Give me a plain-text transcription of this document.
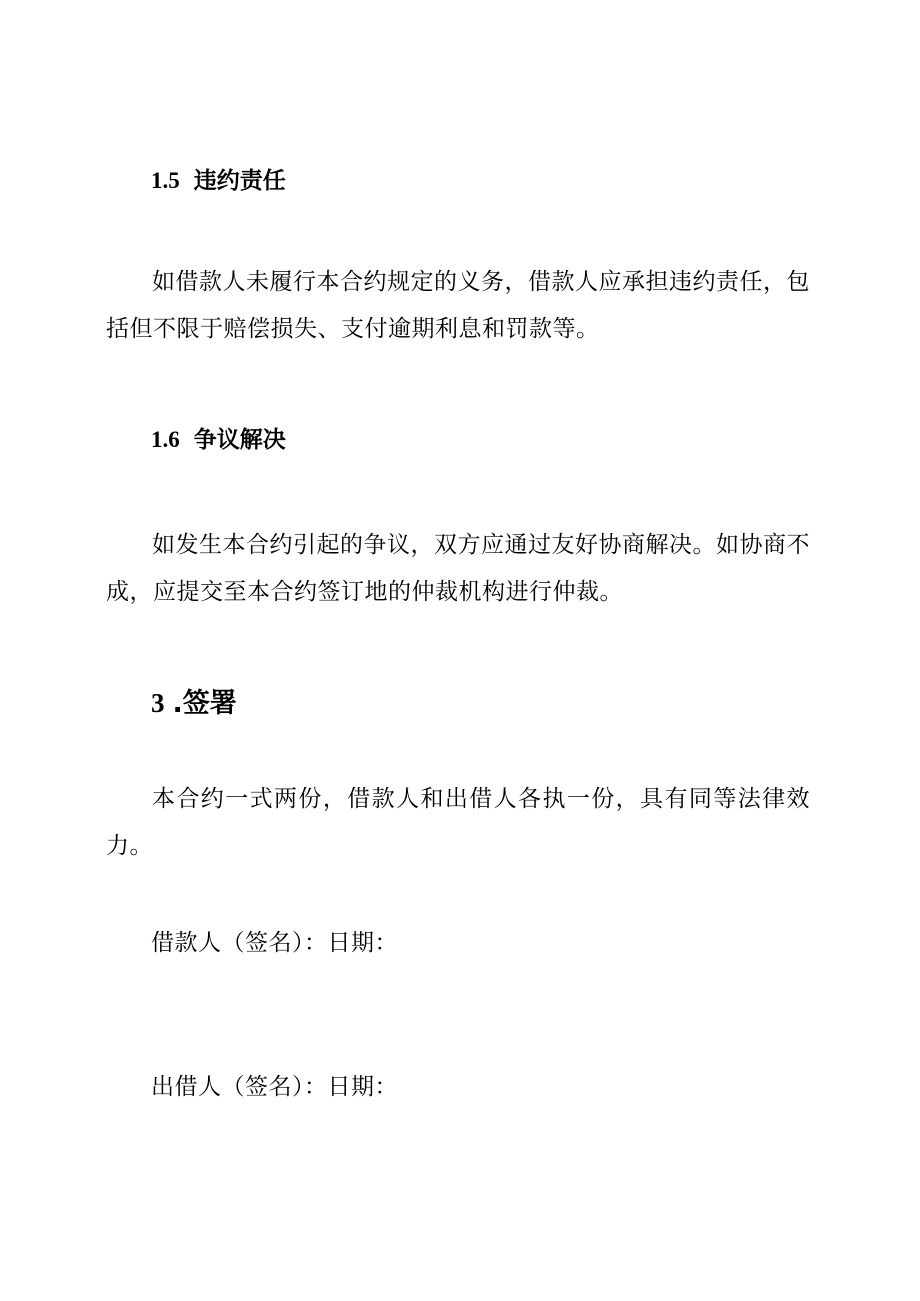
1.5 违约责任
如借款人未履行本合约规定的义务，借款人应承担违约责任，包括但不限于赔偿损失、支付逾期利息和罚款等。
1.6 争议解决
如发生本合约引起的争议，双方应通过友好协商解决。如协商不成，应提交至本合约签订地的仲裁机构进行仲裁。
3 .签署
本合约一式两份，借款人和出借人各执一份，具有同等法律效力。
借款人（签名）：日期：
出借人（签名）：日期：
